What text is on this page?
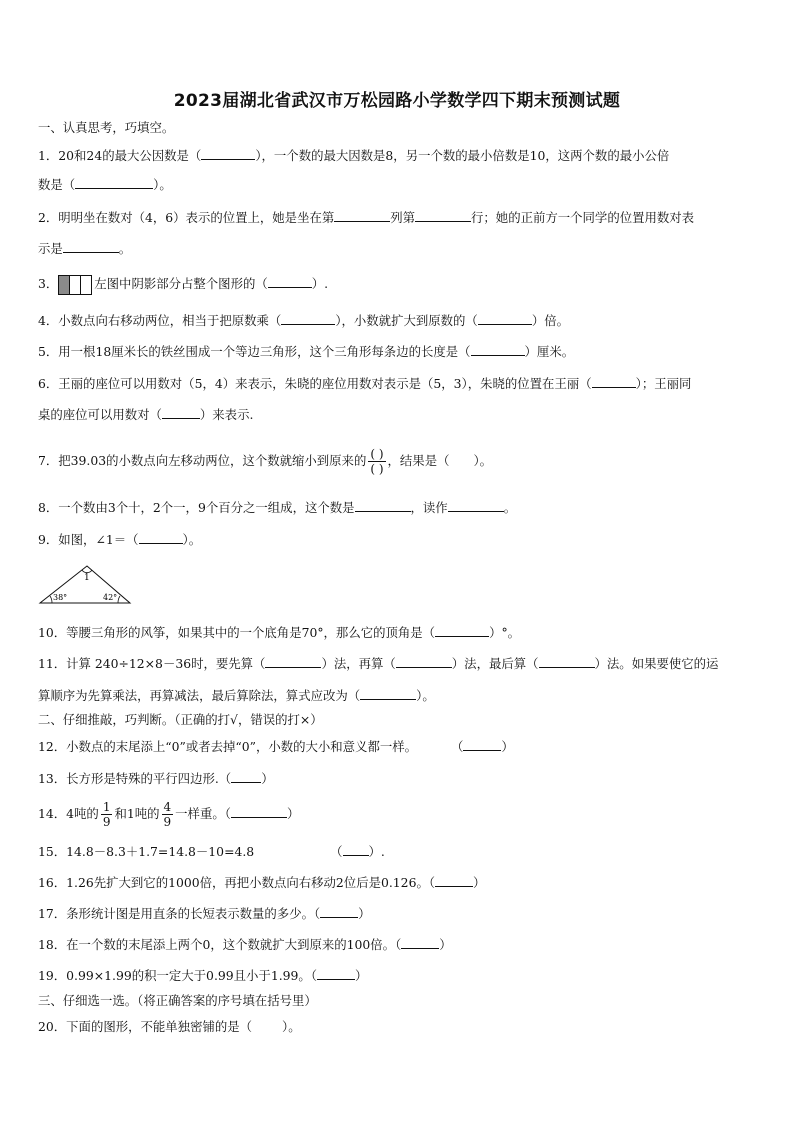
2023届湖北省武汉市万松园路小学数学四下期末预测试题
一、认真思考，巧填空。
1．20和24的最大公因数是（	），一个数的最大因数是8，另一个数的最小倍数是10，这两个数的最小公倍
数是（	）。
2．明明坐在数对（4，6）表示的位置上，她是坐在第	列第	行；她的正前方一个同学的位置用数对表
示是	。
3．	左图中阴影部分占整个图形的（	）.
4．小数点向右移动两位，相当于把原数乘（	），小数就扩大到原数的（	）倍。
5．用一根18厘米长的铁丝围成一个等边三角形，这个三角形每条边的长度是（	）厘米。
6．王丽的座位可以用数对（5，4）来表示，朱晓的座位用数对表示是（5，3），朱晓的位置在王丽（	）；王丽同
桌的座位可以用数对（	）来表示.
7．把39.03的小数点向左移动两位，这个数就缩小到原来的 $\frac{( )}{( )}$ ，结果是（ ）。
8．一个数由3个十，2个一，9个百分之一组成，这个数是	，读作	。
9．如图，∠1＝（	）。
1
38°	42°
10．等腰三角形的风筝，如果其中的一个底角是70°，那么它的顶角是（	）°。
11．计算 240÷12×8－36时，要先算（	）法，再算（	）法，最后算（	）法。如果要使它的运
算顺序为先算乘法，再算减法，最后算除法，算式应改为（	）。
二、仔细推敲，巧判断。（正确的打√，错误的打×）
12．小数点的末尾添上“0”或者去掉“0”，小数的大小和意义都一样。	（	）
13．长方形是特殊的平行四边形.（ ）
14．4吨的 $\frac{1}{9}$ 和1吨的 $\frac{4}{9}$ 一样重。（	）
15．14.8－8.3＋1.7=14.8－10=4.8	（ ）.
16．1.26先扩大到它的1000倍，再把小数点向右移动2位后是0.126。（	）
17．条形统计图是用直条的长短表示数量的多少。（	）
18．在一个数的末尾添上两个0，这个数就扩大到原来的100倍。（	）
19．0.99×1.99的积一定大于0.99且小于1.99。（	）
三、仔细选一选。（将正确答案的序号填在括号里）
20．下面的图形，不能单独密铺的是（ ）。
